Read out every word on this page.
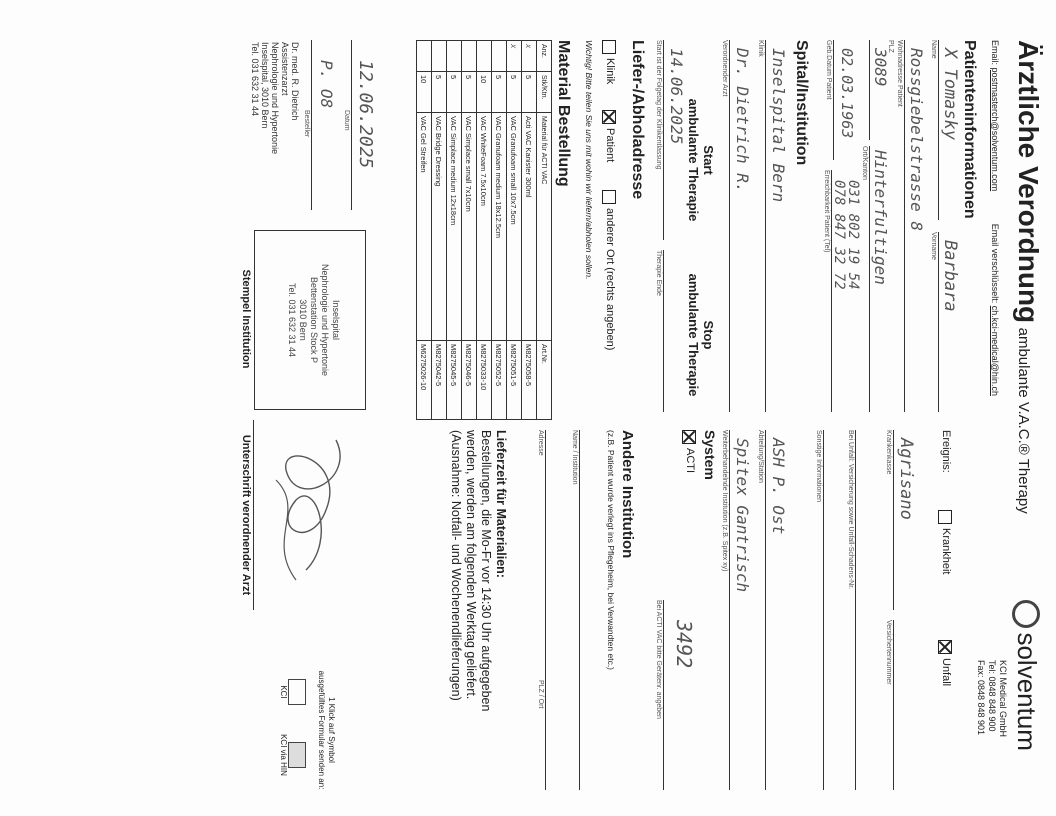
Ärztliche Verordnung ambulante V.A.C.® Therapy
Email: postmasterch@solventum.com Email verschlüsselt: ch.kci-medical@hin.ch
solventum
KCI Medical GmbH
Tel: 0848 848 900
Fax: 0848 848 901
Patienteninformationen
X Tomasky
Name
Barbara
Vorname
Rossgiebelstrasse 8
Wohnadresse Patient
PLZ
3089
Hinterfultigen
Ort/Kanton
02.03.1963
Geb.Datum Patient
031 802 19 54
078 847 32 72
Erreichbarkeit Patient (Tel)
Ereignis:
Krankheit
Unfall
Agrisano
Krankenkasse
Versichertennummer
Bei Unfall: Versicherung sowie Unfall-Schadens-Nr.
Sonstige Informationen
Spital/Institution
Inselspital Bern
Klinik
ASH P. Ost
Abteilung/Station
Dr. Dietrich R.
Verordnender Arzt
Spitex Gantrisch
Weiterbehandelnde Institution (z.B. Spitex xy)
Start
ambulante Therapie
Stop
ambulante Therapie
14.06.2025
Start ist der Folgetag der Klinikentlassung
Therapie Ende
System
ACTI
3492
Bei ACTI VAC bitte Gerätenr. angeben
Liefer-/Abholadresse
Klinik
Patient
anderer Ort (rechts angeben)
Wichtig! Bitte teilen Sie uns mit wohin wir liefern/abholen sollen.
Andere Institution
(z.B. Patient wurde verlegt ins Pflegeheim, bei Verwandten etc.)
Name / Institution
Adresse
PLZ / Ort
Material Bestellung
Anz.	Stk/Ktn.	Material für ACTI VAC	Art.Nr.
x	5	Acti VAC Kanister 300ml	M8275058-5
x	5	VAC Granufoam small 10x7.5cm	M8275051-5
	5	VAC Granufoam medium 18x12.5cm	M8275052-5
	10	VAC WhiteFoam 7.5x10cm	M8275033-10
	5	VAC Simplace small 7x10cm	M8275046-5
	5	VAC Simplace medium 12x18cm	M8275045-5
	5	VAC Bridge Dressing	M8275042-5
	10	VAC Gel Streifen	M6275026-10
Lieferzeit für Materialien:
Bestellungen, die Mo-Fr vor 14:30 Uhr aufgegeben
werden, werden am folgenden Werktag geliefert.
(Ausnahme: Notfall- und Wochenendlieferungen)
12.06.2025
Datum
P. O8
Besteller
Dr. med. R. Dietrich
Assistenzarzt
Nephrologie und Hypertonie
Inselspital, 3010 Bern
Tel. 031 632 31 44
Inselspital
Nephrologie und Hypertonie
Bettenstation Stock P
3010 Bern
Tel. 031 632 31 44
Stempel Institution
Unterschrift verordnender Arzt
1 Klick auf Symbol
ausgefülltes Formular senden an:
KCI
KCI via HIN
